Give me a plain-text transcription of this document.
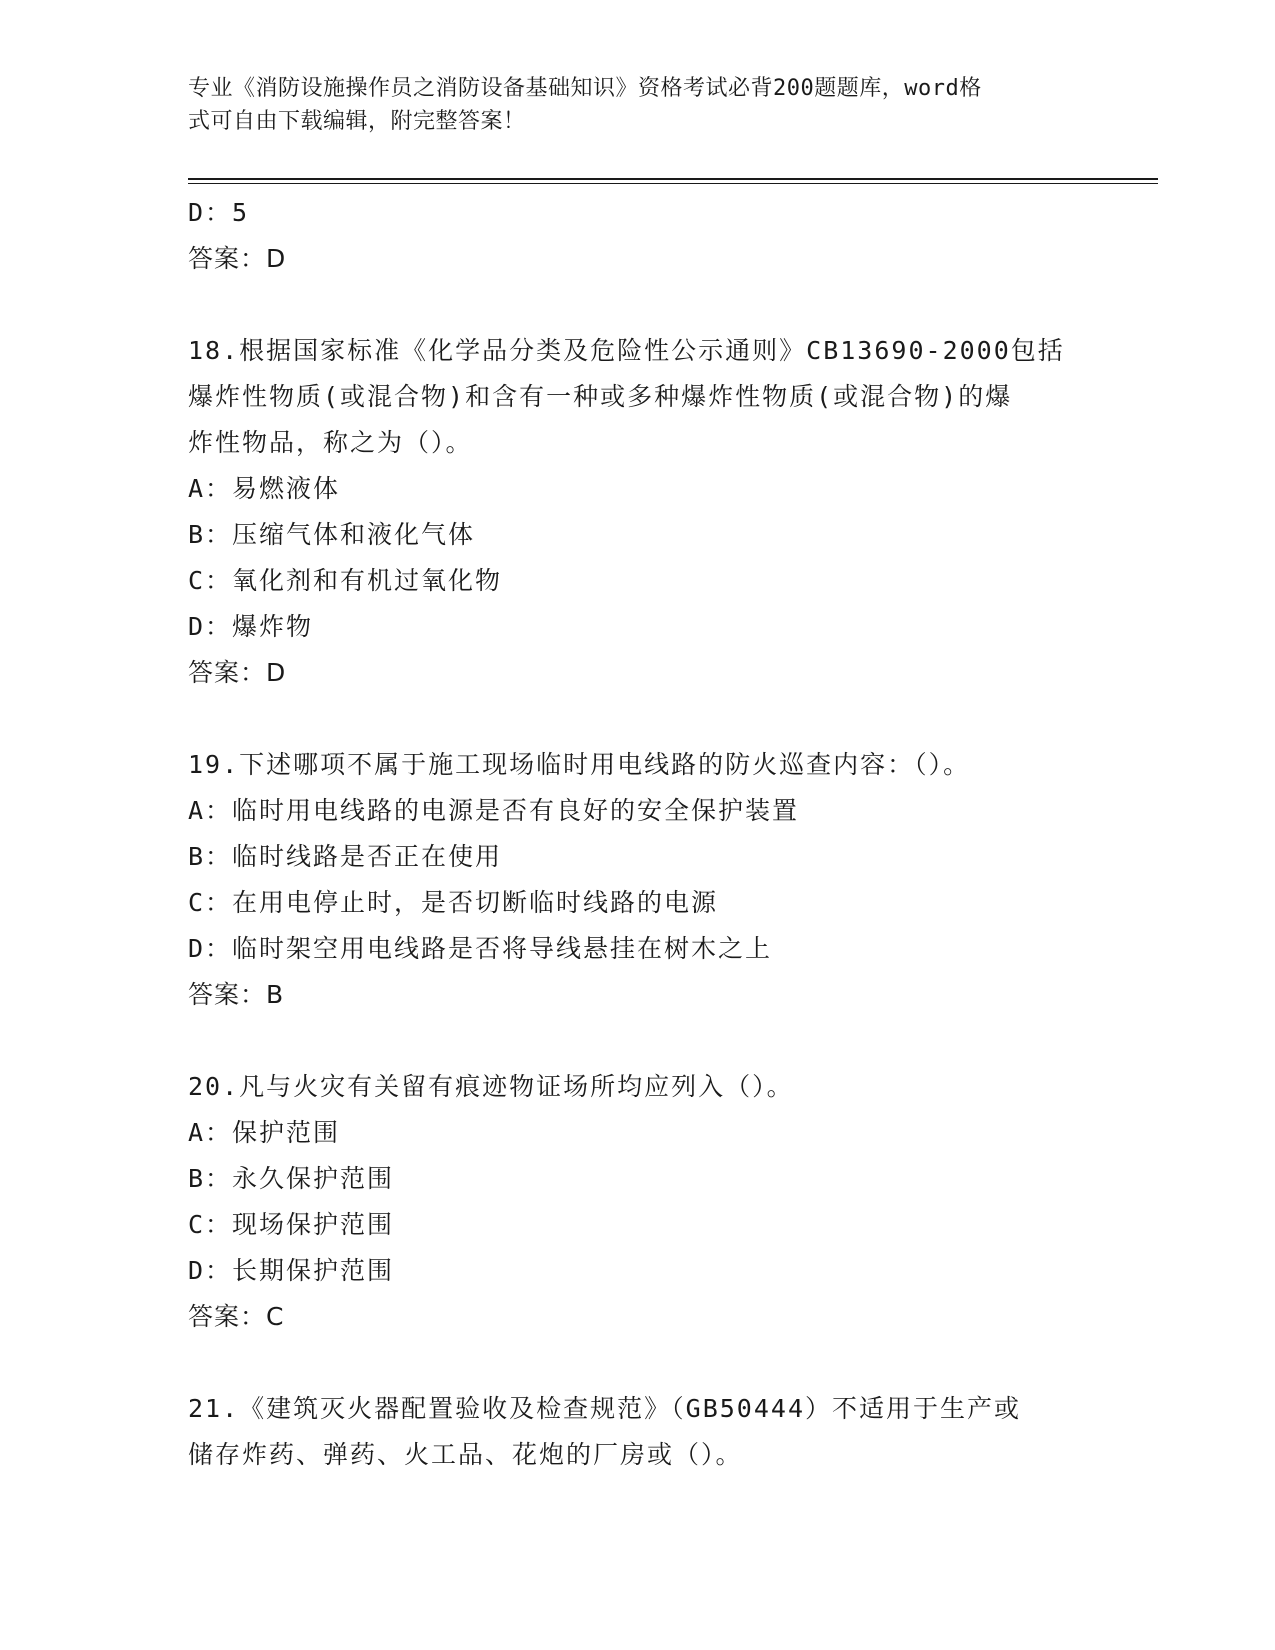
专业《消防设施操作员之消防设备基础知识》资格考试必背200题题库，word格
式可自由下载编辑，附完整答案！
D：5
答案：D
18.根据国家标准《化学品分类及危险性公示通则》CB13690-2000包括
爆炸性物质(或混合物)和含有一种或多种爆炸性物质(或混合物)的爆
炸性物品，称之为（）。
A：易燃液体
B：压缩气体和液化气体
C：氧化剂和有机过氧化物
D：爆炸物
答案：D
19.下述哪项不属于施工现场临时用电线路的防火巡查内容：（）。
A：临时用电线路的电源是否有良好的安全保护装置
B：临时线路是否正在使用
C：在用电停止时，是否切断临时线路的电源
D：临时架空用电线路是否将导线悬挂在树木之上
答案：B
20.凡与火灾有关留有痕迹物证场所均应列入（）。
A：保护范围
B：永久保护范围
C：现场保护范围
D：长期保护范围
答案：C
21.《建筑灭火器配置验收及检查规范》（GB50444）不适用于生产或
储存炸药、弹药、火工品、花炮的厂房或（）。
